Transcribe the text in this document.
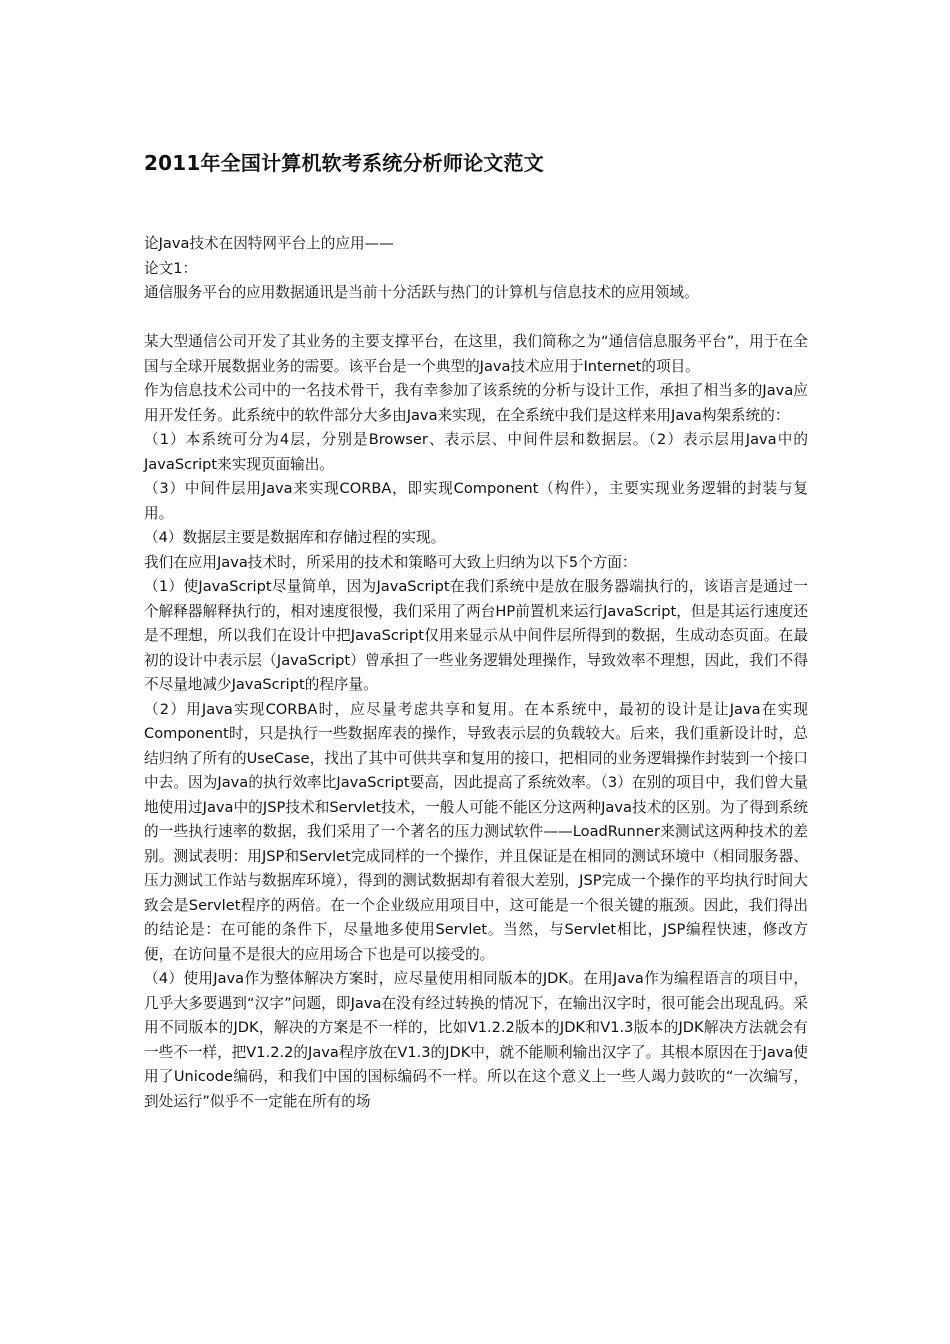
2011年全国计算机软考系统分析师论文范文

论Java技术在因特网平台上的应用——

论文1：

通信服务平台的应用数据通讯是当前十分活跃与热门的计算机与信息技术的应用领域。

某大型通信公司开发了其业务的主要支撑平台，在这里，我们简称之为“通信信息服务平台”，用于在全国与全球开展数据业务的需要。该平台是一个典型的Java技术应用于Internet的项目。

作为信息技术公司中的一名技术骨干，我有幸参加了该系统的分析与设计工作，承担了相当多的Java应用开发任务。此系统中的软件部分大多由Java来实现，在全系统中我们是这样来用Java构架系统的：

（1）本系统可分为4层，分别是Browser、表示层、中间件层和数据层。（2）表示层用Java中的JavaScript来实现页面输出。

（3）中间件层用Java来实现CORBA，即实现Component（构件），主要实现业务逻辑的封装与复用。

（4）数据层主要是数据库和存储过程的实现。

我们在应用Java技术时，所采用的技术和策略可大致上归纳为以下5个方面：

（1）使JavaScript尽量简单，因为JavaScript在我们系统中是放在服务器端执行的，该语言是通过一个解释器解释执行的，相对速度很慢，我们采用了两台HP前置机来运行JavaScript，但是其运行速度还是不理想，所以我们在设计中把JavaScript仅用来显示从中间件层所得到的数据，生成动态页面。在最初的设计中表示层（JavaScript）曾承担了一些业务逻辑处理操作，导致效率不理想，因此，我们不得不尽量地减少JavaScript的程序量。

（2）用Java实现CORBA时，应尽量考虑共享和复用。在本系统中，最初的设计是让Java在实现Component时，只是执行一些数据库表的操作，导致表示层的负载较大。后来，我们重新设计时，总结归纳了所有的UseCase，找出了其中可供共享和复用的接口，把相同的业务逻辑操作封装到一个接口中去。因为Java的执行效率比JavaScript要高，因此提高了系统效率。（3）在别的项目中，我们曾大量地使用过Java中的JSP技术和Servlet技术，一般人可能不能区分这两种Java技术的区别。为了得到系统的一些执行速率的数据，我们采用了一个著名的压力测试软件——LoadRunner来测试这两种技术的差别。测试表明：用JSP和Servlet完成同样的一个操作，并且保证是在相同的测试环境中（相同服务器、压力测试工作站与数据库环境），得到的测试数据却有着很大差别，JSP完成一个操作的平均执行时间大致会是Servlet程序的两倍。在一个企业级应用项目中，这可能是一个很关键的瓶颈。因此，我们得出的结论是：在可能的条件下，尽量地多使用Servlet。当然，与Servlet相比，JSP编程快速，修改方便，在访问量不是很大的应用场合下也是可以接受的。

（4）使用Java作为整体解决方案时，应尽量使用相同版本的JDK。在用Java作为编程语言的项目中，几乎大多要遇到“汉字”问题，即Java在没有经过转换的情况下，在输出汉字时，很可能会出现乱码。采用不同版本的JDK，解决的方案是不一样的，比如V1.2.2版本的JDK和V1.3版本的JDK解决方法就会有一些不一样，把V1.2.2的Java程序放在V1.3的JDK中，就不能顺利输出汉字了。其根本原因在于Java使用了Unicode编码，和我们中国的国标编码不一样。所以在这个意义上一些人竭力鼓吹的“一次编写，到处运行”似乎不一定能在所有的场
